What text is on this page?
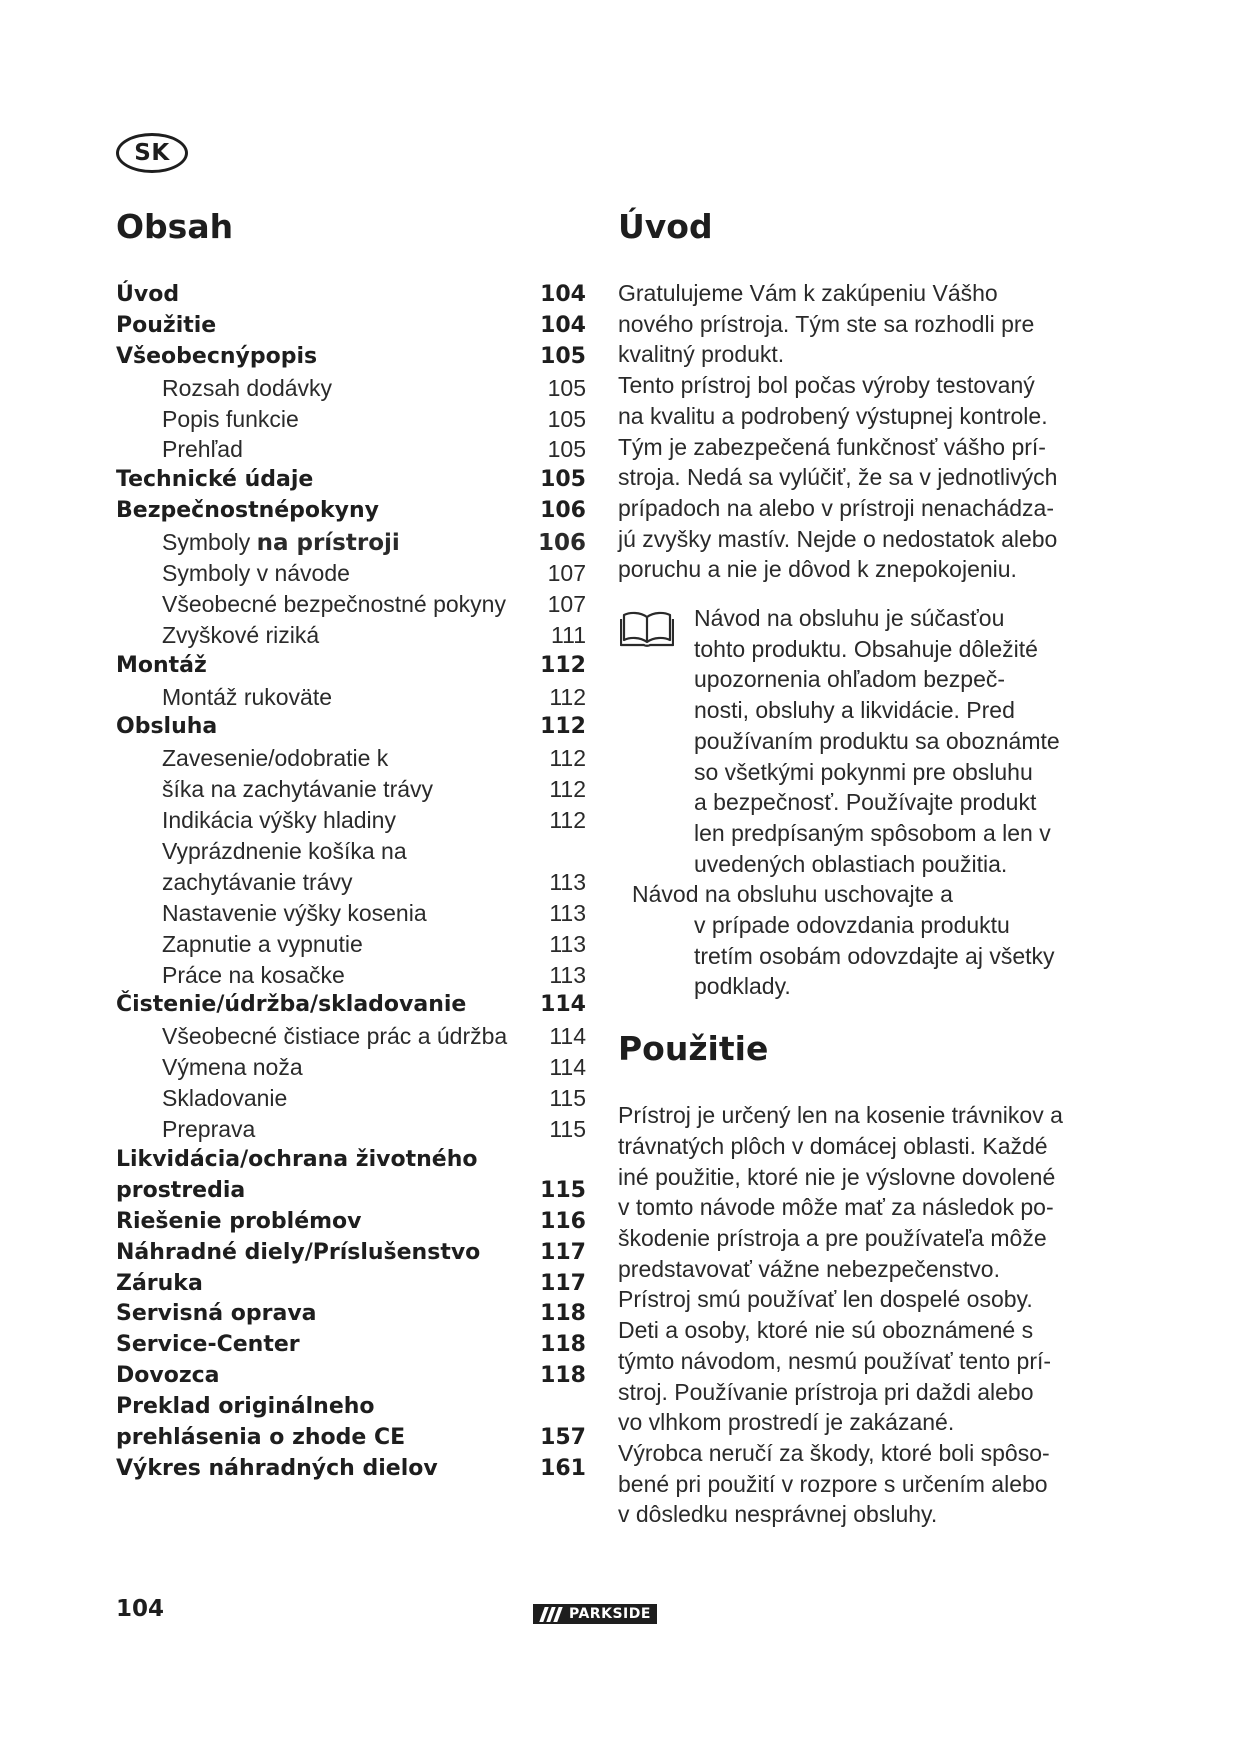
SK
Obsah
Úvod	104
Použitie	104
Všeobecnýpopis	105
Rozsah dodávky	105
Popis funkcie	105
Prehľad	105
Technické údaje	105
Bezpečnostnépokyny	106
Symboly na prístroji	106
Symboly v návode	107
Všeobecné bezpečnostné pokyny 107
Zvyškové riziká	111
Montáž	112
Montáž rukoväte	112
Obsluha	112
Zavesenie/odobratie k	112
šíka na zachytávanie trávy	112
Indikácia výšky hladiny	112
Vyprázdnenie košíka na
zachytávanie trávy	113
Nastavenie výšky kosenia	113
Zapnutie a vypnutie	113
Práce na kosačke	113
Čistenie/údržba/skladovanie	114
Všeobecné čistiace prác a údržba 114
Výmena noža	114
Skladovanie	115
Preprava	115
Likvidácia/ochrana životného
prostredia	115
Riešenie problémov	116
Náhradné diely/Príslušenstvo	117
Záruka	117
Servisná oprava	118
Service-Center	118
Dovozca	118
Preklad originálneho
prehlásenia o zhode CE	157
Výkres náhradných dielov	161
Úvod
Gratulujeme Vám k zakúpeniu Vášho
nového prístroja. Tým ste sa rozhodli pre
kvalitný produkt.
Tento prístroj bol počas výroby testovaný
na kvalitu a podrobený výstupnej kontrole.
Tým je zabezpečená funkčnosť vášho prí-
stroja. Nedá sa vylúčiť, že sa v jednotlivých
prípadoch na alebo v prístroji nenachádza-
jú zvyšky mastív. Nejde o nedostatok alebo
poruchu a nie je dôvod k znepokojeniu.
Návod na obsluhu je súčasťou
tohto produktu. Obsahuje dôležité
upozornenia ohľadom bezpeč-
nosti, obsluhy a likvidácie. Pred
používaním produktu sa oboznámte
so všetkými pokynmi pre obsluhu
a bezpečnosť. Používajte produkt
len predpísaným spôsobom a len v
uvedených oblastiach použitia.
Návod na obsluhu uschovajte a
v prípade odovzdania produktu
tretím osobám odovzdajte aj všetky
podklady.
Použitie
Prístroj je určený len na kosenie trávnikov a
trávnatých plôch v domácej oblasti. Každé
iné použitie, ktoré nie je výslovne dovolené
v tomto návode môže mať za následok po-
škodenie prístroja a pre používateľa môže
predstavovať vážne nebezpečenstvo.
Prístroj smú používať len dospelé osoby.
Deti a osoby, ktoré nie sú oboznámené s
týmto návodom, nesmú používať tento prí-
stroj. Používanie prístroja pri daždi alebo
vo vlhkom prostredí je zakázané.
Výrobca neručí za škody, ktoré boli spôso-
bené pri použití v rozpore s určením alebo
v dôsledku nesprávnej obsluhy.
104	PARKSIDE
